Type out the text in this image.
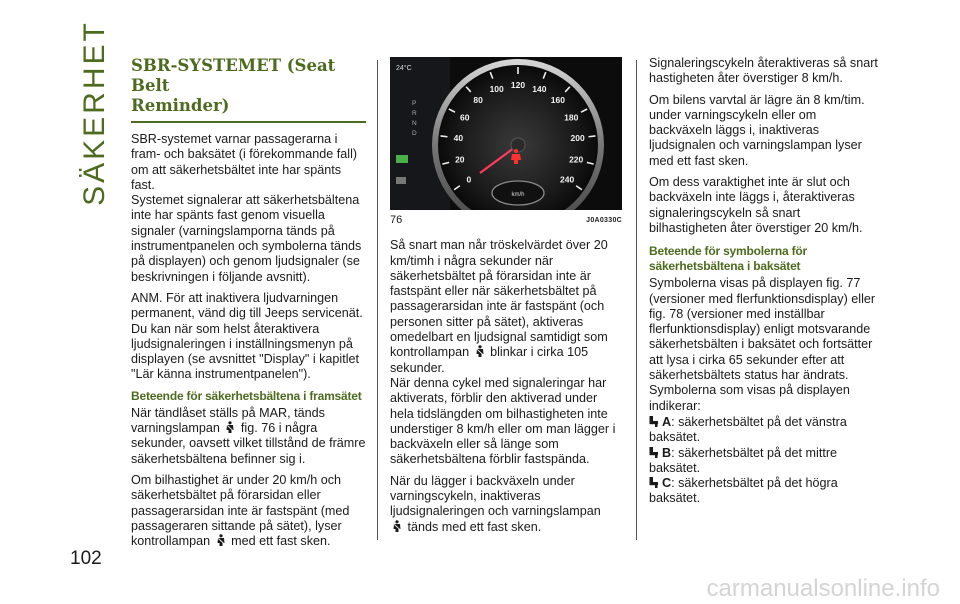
SÄKERHET
102
carmanualsonline.info
SBR-SYSTEMET (Seat Belt
Reminder)

SBR-systemet varnar passagerarna i fram- och baksätet (i förekommande fall) om att säkerhetsbältet inte har spänts fast.

Systemet signalerar att säkerhetsbältena inte har spänts fast genom visuella signaler (varningslamporna tänds på instrumentpanelen och symbolerna tänds på displayen) och genom ljudsignaler (se beskrivningen i följande avsnitt).

ANM. För att inaktivera ljudvarningen permanent, vänd dig till Jeeps servicenät. Du kan när som helst återaktivera ljudsignaleringen i inställningsmenyn på displayen (se avsnittet "Display" i kapitlet "Lär känna instrumentpanelen").

Beteende för säkerhetsbältena i framsätet

När tändlåset ställs på MAR, tänds varningslampan fig. 76 i några sekunder, oavsett vilket tillstånd de främre säkerhetsbältena befinner sig i.

Om bilhastighet är under 20 km/h och säkerhetsbältet på förarsidan eller passagerarsidan inte är fastspänt (med passageraren sittande på sätet), lyser kontrollampan med ett fast sken.

0
20
40
60
80
100 120 140
160
180
200
220
240
km/h
24°C
P
R
N
D
76	J0A0330C

Så snart man når tröskelvärdet över 20 km/timh i några sekunder när säkerhetsbältet på förarsidan inte är fastspänt eller när säkerhetsbältet på passagerarsidan inte är fastspänt (och personen sitter på sätet), aktiveras omedelbart en ljudsignal samtidigt som kontrollampan blinkar i cirka 105 sekunder.

När denna cykel med signaleringar har aktiverats, förblir den aktiverad under hela tidslängden om bilhastigheten inte understiger 8 km/h eller om man lägger i backväxeln eller så länge som säkerhetsbältena förblir fastspända.

När du lägger i backväxeln under varningscykeln, inaktiveras ljudsignaleringen och varningslampan
tänds med ett fast sken.

Signaleringscykeln återaktiveras så snart hastigheten åter överstiger 8 km/h.

Om bilens varvtal är lägre än 8 km/tim. under varningscykeln eller om backväxeln läggs i, inaktiveras ljudsignalen och varningslampan lyser med ett fast sken.

Om dess varaktighet inte är slut och backväxeln inte läggs i, återaktiveras signaleringscykeln så snart bilhastigheten åter överstiger 20 km/h.

Beteende för symbolerna för säkerhetsbältena i baksätet

Symbolerna visas på displayen fig. 77 (versioner med flerfunktionsdisplay) eller fig. 78 (versioner med inställbar flerfunktionsdisplay) enligt motsvarande säkerhetsbälten i baksätet och fortsätter att lysa i cirka 65 sekunder efter att säkerhetsbältets status har ändrats. Symbolerna som visas på displayen indikerar:

A: säkerhetsbältet på det vänstra baksätet.
B: säkerhetsbältet på det mittre baksätet.
C: säkerhetsbältet på det högra baksätet.
